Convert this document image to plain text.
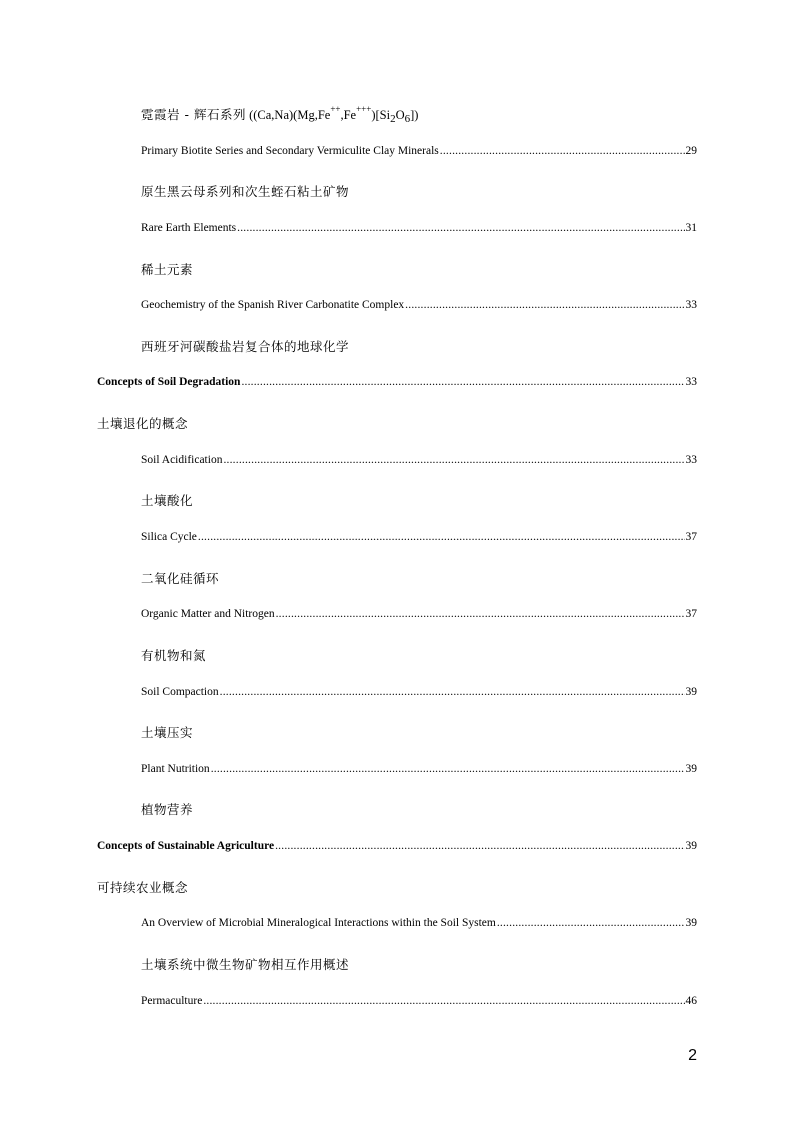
霓霞岩 - 辉石系列 $((Ca,Na)(Mg,Fe^{++},Fe^{+++})[Si_2O_6])$
Primary Biotite Series and Secondary Vermiculite Clay Minerals .....	29
原生黑云母系列和次生蛭石粘土矿物
Rare Earth Elements .....	31
稀土元素
Geochemistry of the Spanish River Carbonatite Complex .....	33
西班牙河碳酸盐岩复合体的地球化学
Concepts of Soil Degradation .....	33
土壤退化的概念
Soil Acidification .....	33
土壤酸化
Silica Cycle .....	37
二氧化硅循环
Organic Matter and Nitrogen .....	37
有机物和氮
Soil Compaction .....	39
土壤压实
Plant Nutrition .....	39
植物营养
Concepts of Sustainable Agriculture .....	39
可持续农业概念
An Overview of Microbial Mineralogical Interactions within the Soil System .....	39
土壤系统中微生物矿物相互作用概述
Permaculture .....	46
2
